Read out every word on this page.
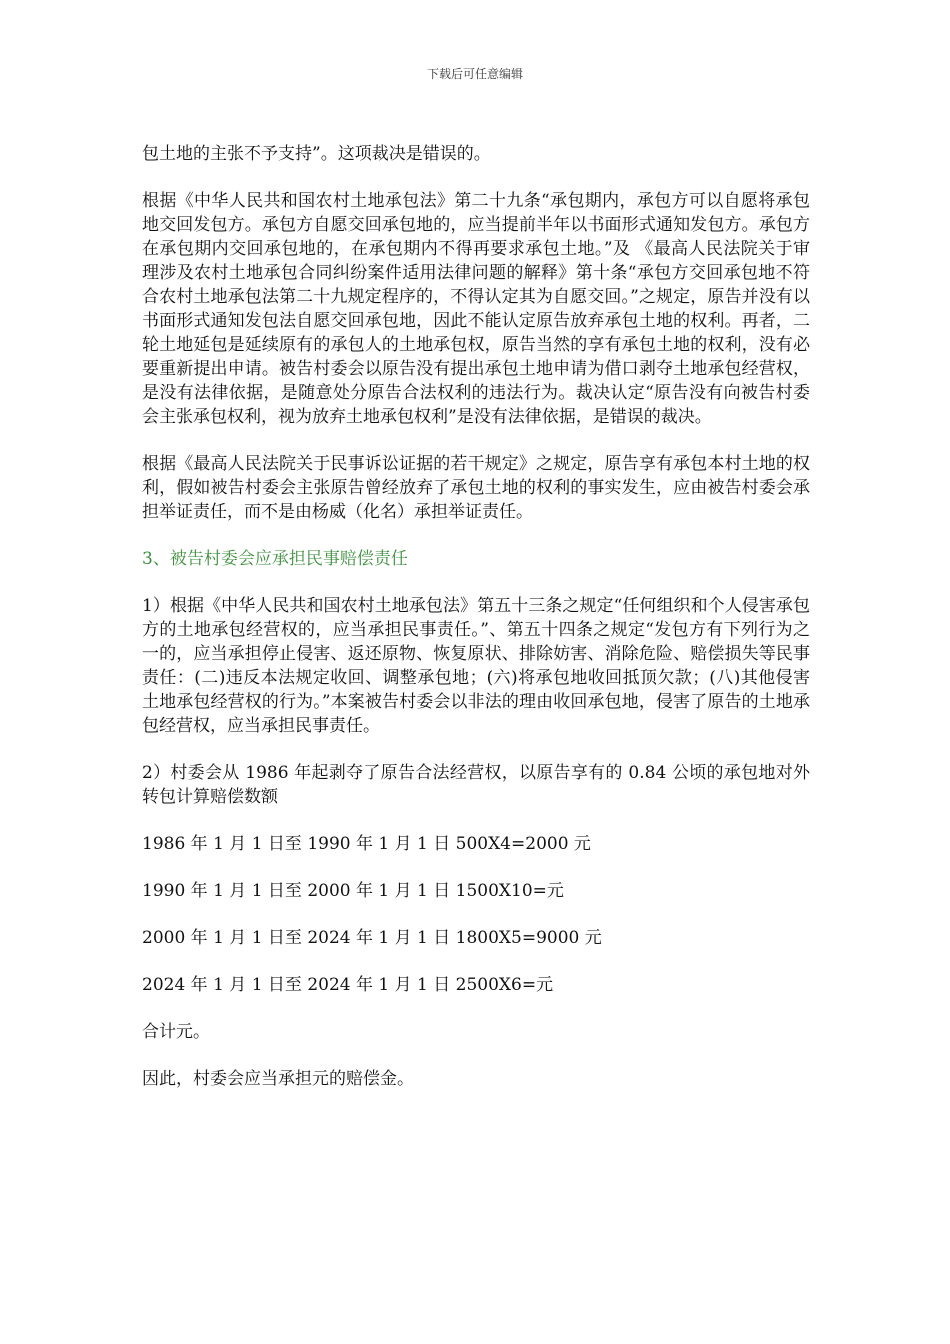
下载后可任意编辑

包土地的主张不予支持”。这项裁决是错误的。

根据《中华人民共和国农村土地承包法》第二十九条“承包期内，承包方可以自愿将承包地交回发包方。承包方自愿交回承包地的，应当提前半年以书面形式通知发包方。承包方在承包期内交回承包地的，在承包期内不得再要求承包土地。”及 《最高人民法院关于审理涉及农村土地承包合同纠纷案件适用法律问题的解释》第十条“承包方交回承包地不符合农村土地承包法第二十九规定程序的，不得认定其为自愿交回。”之规定，原告并没有以书面形式通知发包法自愿交回承包地，因此不能认定原告放弃承包土地的权利。再者，二轮土地延包是延续原有的承包人的土地承包权，原告当然的享有承包土地的权利，没有必要重新提出申请。被告村委会以原告没有提出承包土地申请为借口剥夺土地承包经营权，是没有法律依据，是随意处分原告合法权利的违法行为。裁决认定“原告没有向被告村委会主张承包权利，视为放弃土地承包权利”是没有法律依据，是错误的裁决。

根据《最高人民法院关于民事诉讼证据的若干规定》之规定，原告享有承包本村土地的权利，假如被告村委会主张原告曾经放弃了承包土地的权利的事实发生，应由被告村委会承担举证责任，而不是由杨威（化名）承担举证责任。

3、被告村委会应承担民事赔偿责任

1）根据《中华人民共和国农村土地承包法》第五十三条之规定“任何组织和个人侵害承包方的土地承包经营权的，应当承担民事责任。”、第五十四条之规定“发包方有下列行为之一的，应当承担停止侵害、返还原物、恢复原状、排除妨害、消除危险、赔偿损失等民事责任：(二)违反本法规定收回、调整承包地；(六)将承包地收回抵顶欠款；(八)其他侵害土地承包经营权的行为。”本案被告村委会以非法的理由收回承包地，侵害了原告的土地承包经营权，应当承担民事责任。

2）村委会从 1986 年起剥夺了原告合法经营权，以原告享有的 0.84 公顷的承包地对外转包计算赔偿数额

1986 年 1 月 1 日至 1990 年 1 月 1 日 500X4=2000 元

1990 年 1 月 1 日至 2000 年 1 月 1 日 1500X10=元

2000 年 1 月 1 日至 2024 年 1 月 1 日 1800X5=9000 元

2024 年 1 月 1 日至 2024 年 1 月 1 日 2500X6=元

合计元。

因此，村委会应当承担元的赔偿金。
